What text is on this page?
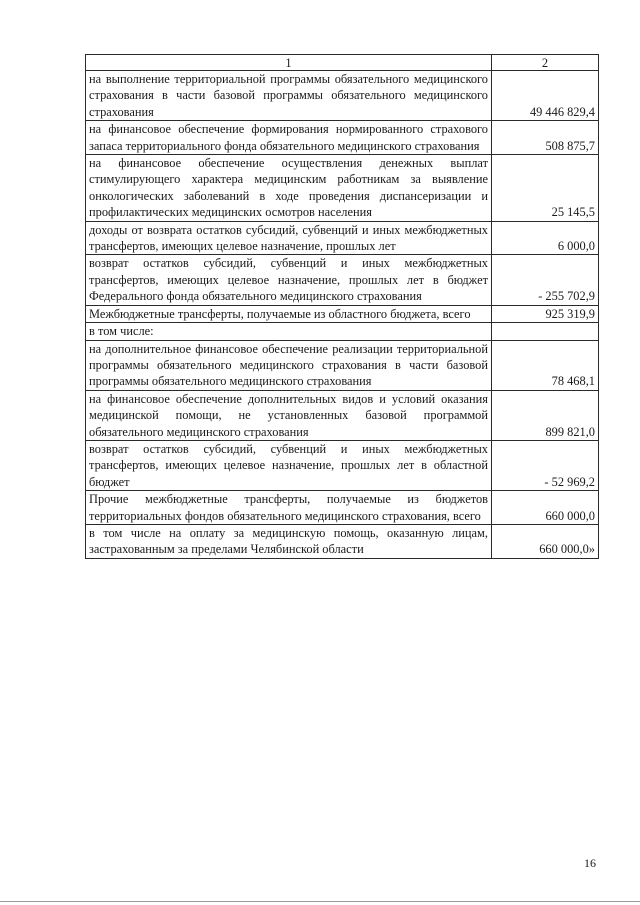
1	2
на выполнение территориальной программы обязательного медицинского страхования в части базовой программы обязательного медицинского страхования	49 446 829,4
на финансовое обеспечение формирования нормированного страхового запаса территориального фонда обязательного медицинского страхования	508 875,7
на финансовое обеспечение осуществления денежных выплат стимулирующего характера медицинским работникам за выявление онкологических заболеваний в ходе проведения диспансеризации и профилактических медицинских осмотров населения	25 145,5
доходы от возврата остатков субсидий, субвенций и иных межбюджетных трансфертов, имеющих целевое назначение, прошлых лет	6 000,0
возврат остатков субсидий, субвенций и иных межбюджетных трансфертов, имеющих целевое назначение, прошлых лет в бюджет Федерального фонда обязательного медицинского страхования	- 255 702,9
Межбюджетные трансферты, получаемые из областного бюджета, всего	925 319,9
в том числе:	
на дополнительное финансовое обеспечение реализации территориальной программы обязательного медицинского страхования в части базовой программы обязательного медицинского страхования	78 468,1
на финансовое обеспечение дополнительных видов и условий оказания медицинской помощи, не установленных базовой программой обязательного медицинского страхования	899 821,0
возврат остатков субсидий, субвенций и иных межбюджетных трансфертов, имеющих целевое назначение, прошлых лет в областной бюджет	- 52 969,2
Прочие межбюджетные трансферты, получаемые из бюджетов территориальных фондов обязательного медицинского страхования, всего	660 000,0
в том числе на оплату за медицинскую помощь, оказанную лицам, застрахованным за пределами Челябинской области	660 000,0»
16
